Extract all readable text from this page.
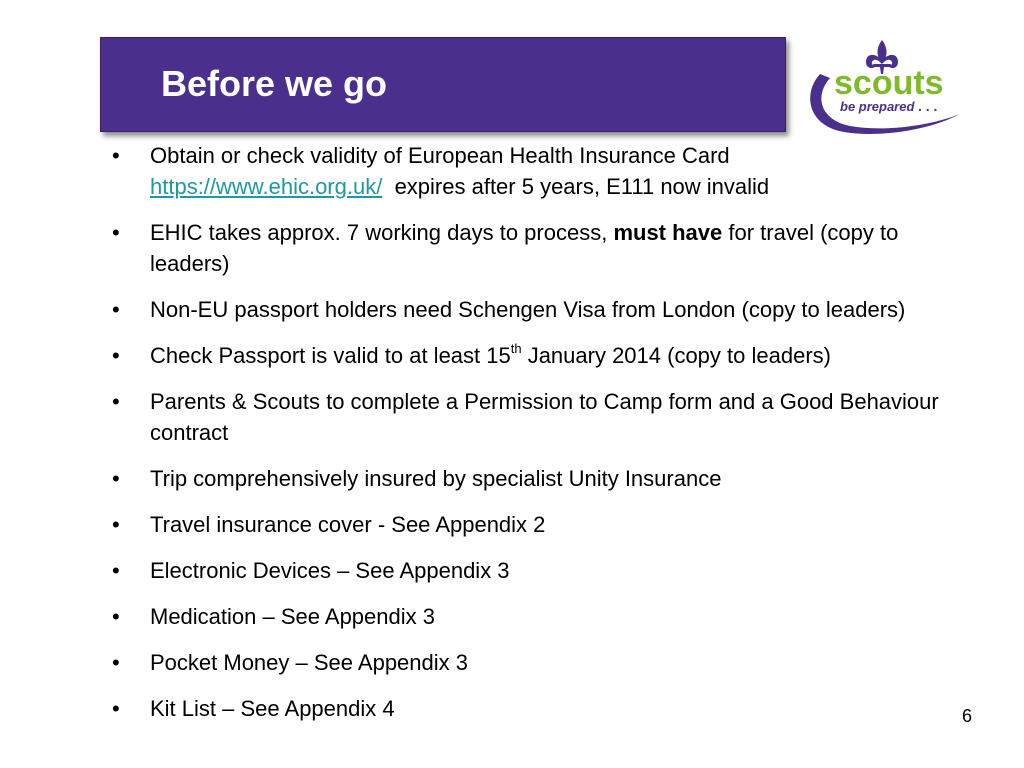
Before we go	scouts
be prepared . . .
• Obtain or check validity of European Health Insurance Card
https://www.ehic.org.uk/ expires after 5 years, E111 now invalid
• EHIC takes approx. 7 working days to process, must have for travel (copy to leaders)
• Non-EU passport holders need Schengen Visa from London (copy to leaders)
• Check Passport is valid to at least 15th January 2014 (copy to leaders)
• Parents & Scouts to complete a Permission to Camp form and a Good Behaviour contract
• Trip comprehensively insured by specialist Unity Insurance
• Travel insurance cover - See Appendix 2
• Electronic Devices – See Appendix 3
• Medication – See Appendix 3
• Pocket Money – See Appendix 3
• Kit List – See Appendix 4	6
